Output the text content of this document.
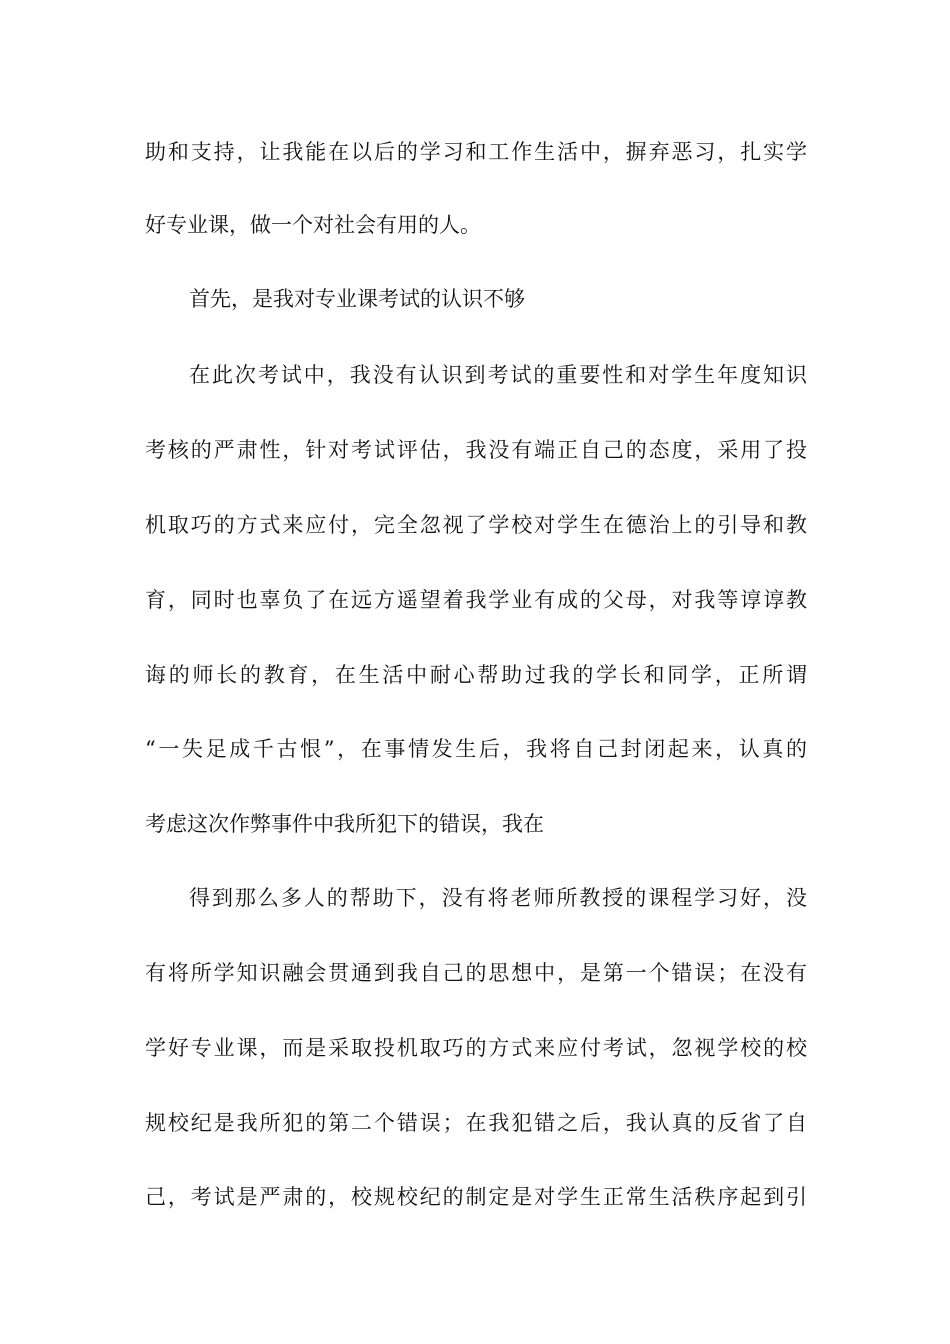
助和支持，让我能在以后的学习和工作生活中，摒弃恶习，扎实学
好专业课，做一个对社会有用的人。
首先，是我对专业课考试的认识不够
在此次考试中，我没有认识到考试的重要性和对学生年度知识
考核的严肃性，针对考试评估，我没有端正自己的态度，采用了投
机取巧的方式来应付，完全忽视了学校对学生在德治上的引导和教
育，同时也辜负了在远方遥望着我学业有成的父母，对我等谆谆教
诲的师长的教育，在生活中耐心帮助过我的学长和同学，正所谓
“一失足成千古恨”，在事情发生后，我将自己封闭起来，认真的
考虑这次作弊事件中我所犯下的错误，我在
得到那么多人的帮助下，没有将老师所教授的课程学习好，没
有将所学知识融会贯通到我自己的思想中，是第一个错误；在没有
学好专业课，而是采取投机取巧的方式来应付考试，忽视学校的校
规校纪是我所犯的第二个错误；在我犯错之后，我认真的反省了自
己，考试是严肃的，校规校纪的制定是对学生正常生活秩序起到引
